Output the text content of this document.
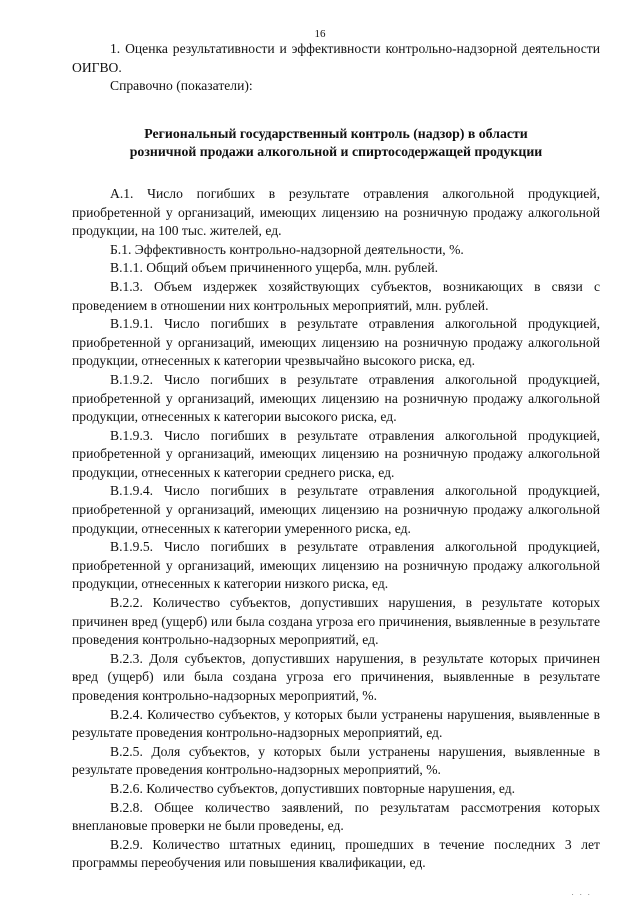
16

1. Оценка результативности и эффективности контрольно-надзорной деятельности ОИГВО.

Справочно (показатели):

Региональный государственный контроль (надзор) в области
розничной продажи алкогольной и спиртосодержащей продукции

А.1. Число погибших в результате отравления алкогольной продукцией, приобретенной у организаций, имеющих лицензию на розничную продажу алкогольной продукции, на 100 тыс. жителей, ед.

Б.1. Эффективность контрольно-надзорной деятельности, %.

В.1.1. Общий объем причиненного ущерба, млн. рублей.

В.1.3. Объем издержек хозяйствующих субъектов, возникающих в связи с проведением в отношении них контрольных мероприятий, млн. рублей.

В.1.9.1. Число погибших в результате отравления алкогольной продукцией, приобретенной у организаций, имеющих лицензию на розничную продажу алкогольной продукции, отнесенных к категории чрезвычайно высокого риска, ед.

В.1.9.2. Число погибших в результате отравления алкогольной продукцией, приобретенной у организаций, имеющих лицензию на розничную продажу алкогольной продукции, отнесенных к категории высокого риска, ед.

В.1.9.3. Число погибших в результате отравления алкогольной продукцией, приобретенной у организаций, имеющих лицензию на розничную продажу алкогольной продукции, отнесенных к категории среднего риска, ед.

В.1.9.4. Число погибших в результате отравления алкогольной продукцией, приобретенной у организаций, имеющих лицензию на розничную продажу алкогольной продукции, отнесенных к категории умеренного риска, ед.

В.1.9.5. Число погибших в результате отравления алкогольной продукцией, приобретенной у организаций, имеющих лицензию на розничную продажу алкогольной продукции, отнесенных к категории низкого риска, ед.

В.2.2. Количество субъектов, допустивших нарушения, в результате которых причинен вред (ущерб) или была создана угроза его причинения, выявленные в результате проведения контрольно-надзорных мероприятий, ед.

В.2.3. Доля субъектов, допустивших нарушения, в результате которых причинен вред (ущерб) или была создана угроза его причинения, выявленные в результате проведения контрольно-надзорных мероприятий, %.

В.2.4. Количество субъектов, у которых были устранены нарушения, выявленные в результате проведения контрольно-надзорных мероприятий, ед.

В.2.5. Доля субъектов, у которых были устранены нарушения, выявленные в результате проведения контрольно-надзорных мероприятий, %.

В.2.6. Количество субъектов, допустивших повторные нарушения, ед.

В.2.8. Общее количество заявлений, по результатам рассмотрения которых внеплановые проверки не были проведены, ед.

В.2.9. Количество штатных единиц, прошедших в течение последних 3 лет программы переобучения или повышения квалификации, ед.

· · ·
